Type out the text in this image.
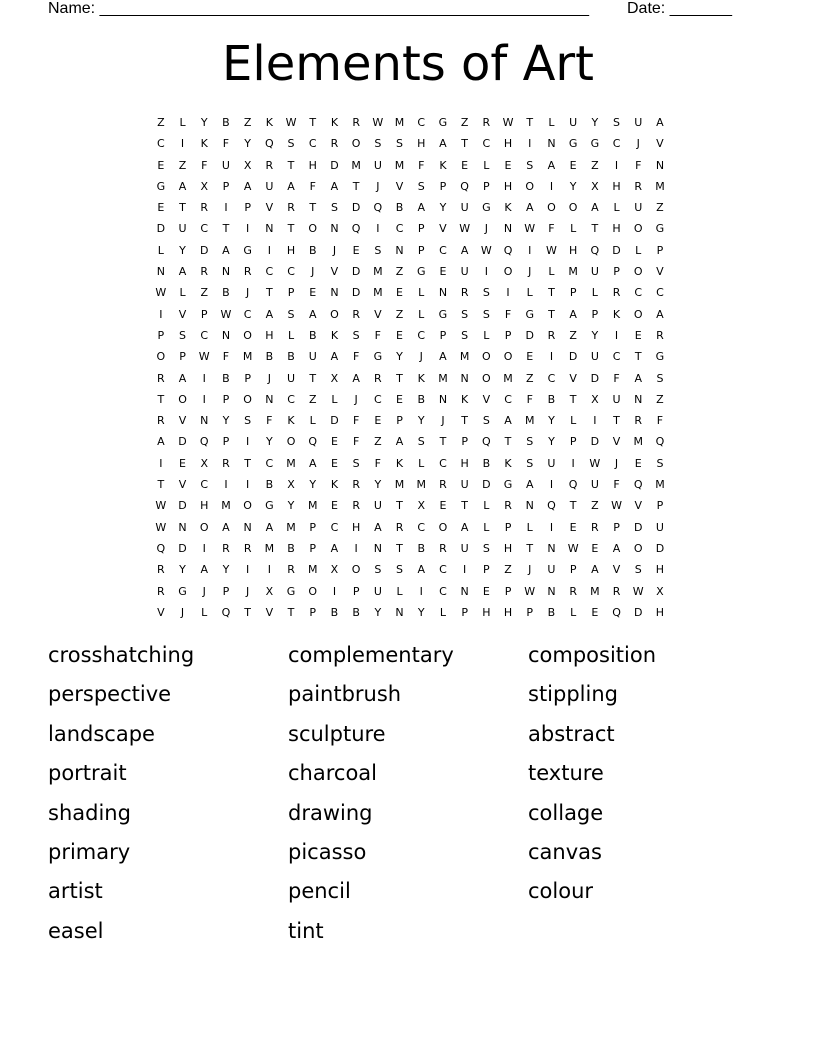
Name: _______________________________________________________ Date: _______
Elements of Art
Z	L	Y	B	Z	K	W	T	K	R	W	M	C	G	Z	R	W	T	L	U	Y	S	U	A
C	I	K	F	Y	Q	S	C	R	O	S	S	H	A	T	C	H	I	N	G	G	C	J	V
E	Z	F	U	X	R	T	H	D	M	U	M	F	K	E	L	E	S	A	E	Z	I	F	N
G	A	X	P	A	U	A	F	A	T	J	V	S	P	Q	P	H	O	I	Y	X	H	R	M
E	T	R	I	P	V	R	T	S	D	Q	B	A	Y	U	G	K	A	O	O	A	L	U	Z
D	U	C	T	I	N	T	O	N	Q	I	C	P	V	W	J	N	W	F	L	T	H	O	G
L	Y	D	A	G	I	H	B	J	E	S	N	P	C	A	W	Q	I	W	H	Q	D	L	P
N	A	R	N	R	C	C	J	V	D	M	Z	G	E	U	I	O	J	L	M	U	P	O	V
W	L	Z	B	J	T	P	E	N	D	M	E	L	N	R	S	I	L	T	P	L	R	C	C
I	V	P	W	C	A	S	A	O	R	V	Z	L	G	S	S	F	G	T	A	P	K	O	A
P	S	C	N	O	H	L	B	K	S	F	E	C	P	S	L	P	D	R	Z	Y	I	E	R
O	P	W	F	M	B	B	U	A	F	G	Y	J	A	M	O	O	E	I	D	U	C	T	G
R	A	I	B	P	J	U	T	X	A	R	T	K	M	N	O	M	Z	C	V	D	F	A	S
T	O	I	P	O	N	C	Z	L	J	C	E	B	N	K	V	C	F	B	T	X	U	N	Z
R	V	N	Y	S	F	K	L	D	F	E	P	Y	J	T	S	A	M	Y	L	I	T	R	F
A	D	Q	P	I	Y	O	Q	E	F	Z	A	S	T	P	Q	T	S	Y	P	D	V	M	Q
I	E	X	R	T	C	M	A	E	S	F	K	L	C	H	B	K	S	U	I	W	J	E	S
T	V	C	I	I	B	X	Y	K	R	Y	M	M	R	U	D	G	A	I	Q	U	F	Q	M
W	D	H	M	O	G	Y	M	E	R	U	T	X	E	T	L	R	N	Q	T	Z	W	V	P
W	N	O	A	N	A	M	P	C	H	A	R	C	O	A	L	P	L	I	E	R	P	D	U
Q	D	I	R	R	M	B	P	A	I	N	T	B	R	U	S	H	T	N	W	E	A	O	D
R	Y	A	Y	I	I	R	M	X	O	S	S	A	C	I	P	Z	J	U	P	A	V	S	H
R	G	J	P	J	X	G	O	I	P	U	L	I	C	N	E	P	W	N	R	M	R	W	X
V	J	L	Q	T	V	T	P	B	B	Y	N	Y	L	P	H	H	P	B	L	E	Q	D	H
crosshatching
perspective
landscape
portrait
shading
primary
artist
easel
complementary
paintbrush
sculpture
charcoal
drawing
picasso
pencil
tint
composition
stippling
abstract
texture
collage
canvas
colour
